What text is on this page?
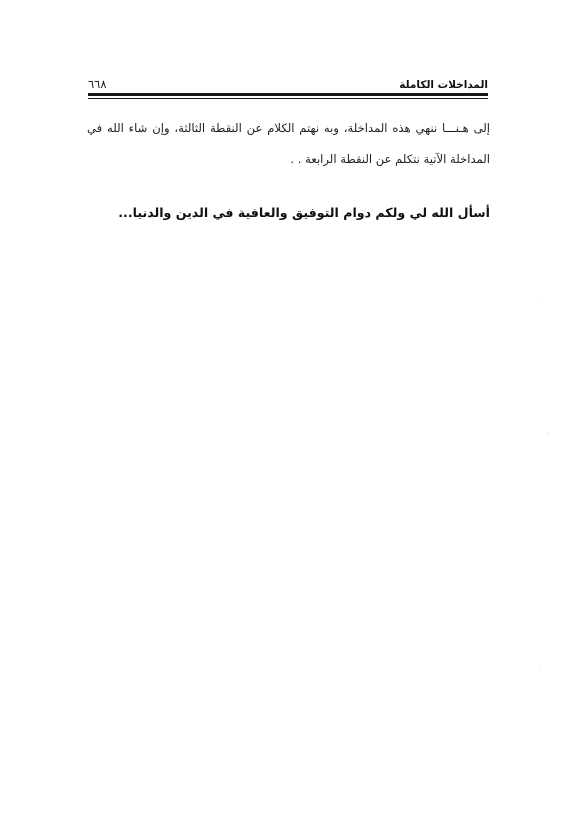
المداخلات الكاملة
٦٦٨

إلى هـنـــا ننهي هذه المداخلة، وبه نهتم الكلام عن النقطة الثالثة، وإن شاء الله في المداخلة الآتية نتكلم عن النقطة الرابعة . .

أسأل الله لي ولكم دوام التوفيق والعافية في الدين والدنيا...
